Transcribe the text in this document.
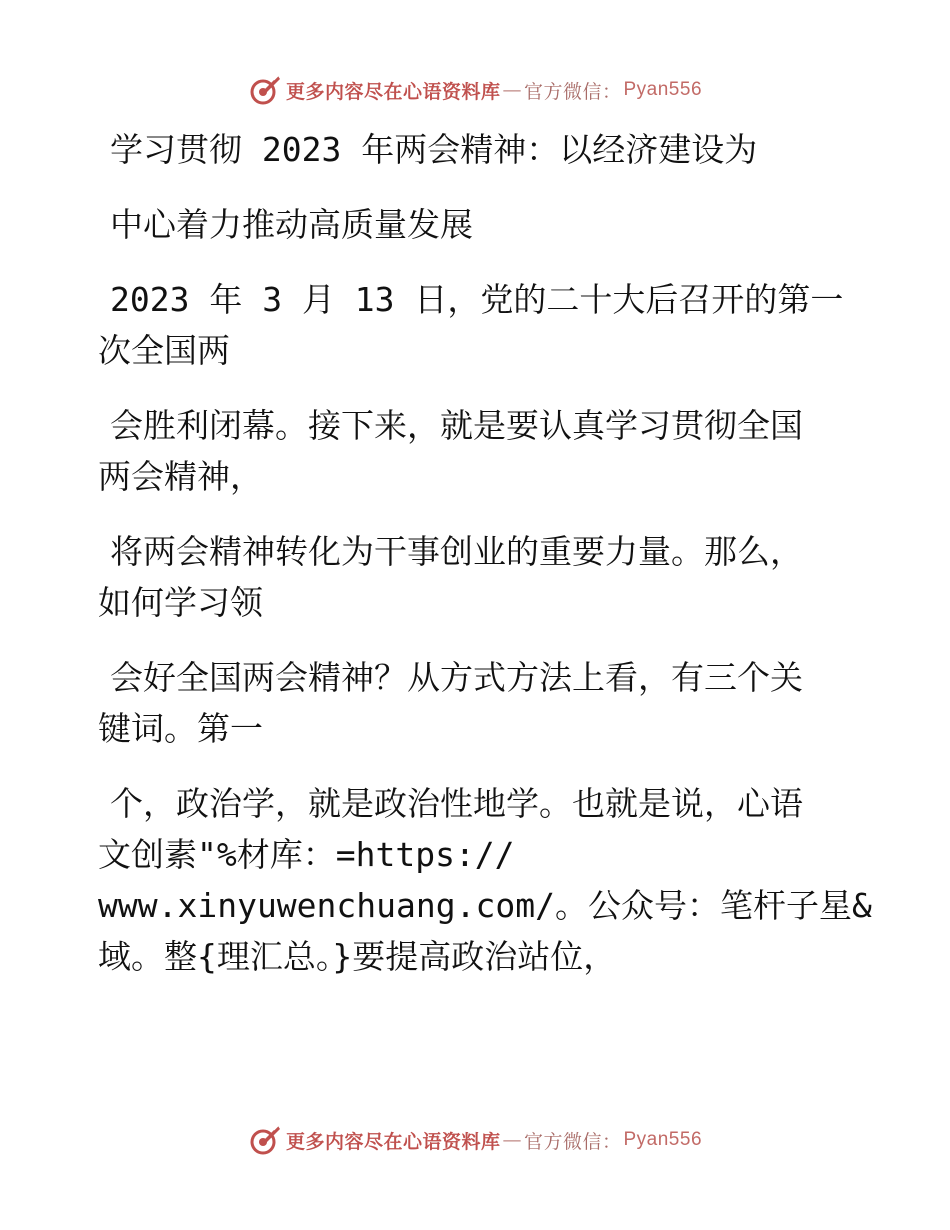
更多内容尽在心语资料库 — 官方微信： Pyan556

学习贯彻 2023 年两会精神：以经济建设为

中心着力推动高质量发展

2023 年 3 月 13 日，党的二十大后召开的第一

次全国两

会胜利闭幕。接下来，就是要认真学习贯彻全国

两会精神，

将两会精神转化为干事创业的重要力量。那么，

如何学习领

会好全国两会精神？从方式方法上看，有三个关

键词。第一

个，政治学，就是政治性地学。也就是说，心语

文创素"%材库：=https://

www.xinyuwenchuang.com/。公众号：笔杆子星&

域。整{理汇总。}要提高政治站位，

更多内容尽在心语资料库 — 官方微信： Pyan556
